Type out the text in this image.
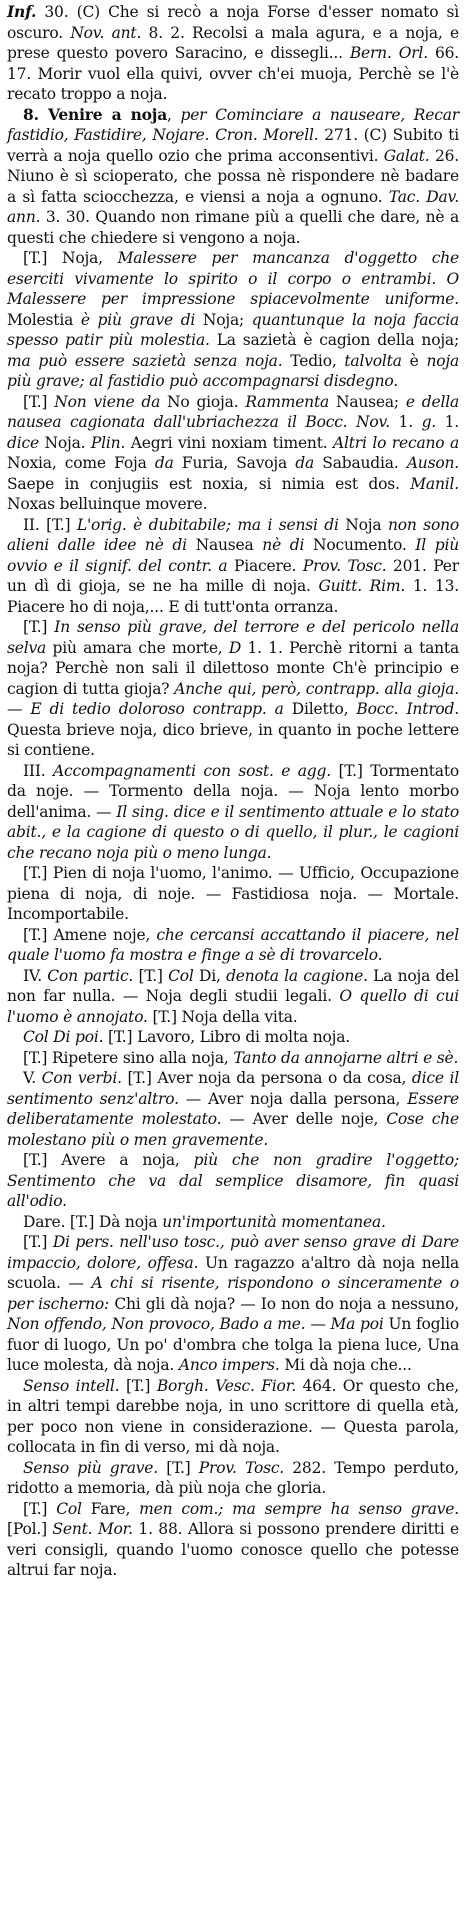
Inf. 30. (C) Che si recò a noja Forse d'esser nomato sì oscuro. Nov. ant. 8. 2. Recolsi a mala agura, e a noja, e prese questo povero Saracino, e dissegli... Bern. Orl. 66. 17. Morir vuol ella quivi, ovver ch'ei muoja, Perchè se l'è recato troppo a noja.

8. Venire a noja, per Cominciare a nauseare, Recar fastidio, Fastidire, Nojare. Cron. Morell. 271. (C) Subito ti verrà a noja quello ozio che prima acconsentivi. Galat. 26. Niuno è sì scioperato, che possa nè rispondere nè badare a sì fatta sciocchezza, e viensi a noja a ognuno. Tac. Dav. ann. 3. 30. Quando non rimane più a quelli che dare, nè a questi che chiedere si vengono a noja.

[T.] Noja, Malessere per mancanza d'oggetto che eserciti vivamente lo spirito o il corpo o entrambi. O Malessere per impressione spiacevolmente uniforme. Molestia è più grave di Noja; quantunque la noja faccia spesso patir più molestia. La sazietà è cagion della noja; ma può essere sazietà senza noja. Tedio, talvolta è noja più grave; al fastidio può accompagnarsi disdegno.

[T.] Non viene da No gioja. Rammenta Nausea; e della nausea cagionata dall'ubriachezza il Bocc. Nov. 1. g. 1. dice Noja. Plin. Aegri vini noxiam timent. Altri lo recano a Noxia, come Foja da Furia, Savoja da Sabaudia. Auson. Saepe in conjugiis est noxia, si nimia est dos. Manil. Noxas belluinque movere.

II. [T.] L'orig. è dubitabile; ma i sensi di Noja non sono alieni dalle idee nè di Nausea nè di Nocumento. Il più ovvio e il signif. del contr. a Piacere. Prov. Tosc. 201. Per un dì di gioja, se ne ha mille di noja. Guitt. Rim. 1. 13. Piacere ho di noja,... E di tutt'onta orranza.

[T.] In senso più grave, del terrore e del pericolo nella selva più amara che morte, D 1. 1. Perchè ritorni a tanta noja? Perchè non sali il dilettoso monte Ch'è principio e cagion di tutta gioja? Anche qui, però, contrapp. alla gioja. — E di tedio doloroso contrapp. a Diletto, Bocc. Introd. Questa brieve noja, dico brieve, in quanto in poche lettere si contiene.

III. Accompagnamenti con sost. e agg. [T.] Tormentato da noje. — Tormento della noja. — Noja lento morbo dell'anima. — Il sing. dice e il sentimento attuale e lo stato abit., e la cagione di questo o di quello, il plur., le cagioni che recano noja più o meno lunga.

[T.] Pien di noja l'uomo, l'animo. — Ufficio, Occupazione piena di noja, di noje. — Fastidiosa noja. — Mortale. Incomportabile.

[T.] Amene noje, che cercansi accattando il piacere, nel quale l'uomo fa mostra e finge a sè di trovarcelo.

IV. Con partic. [T.] Col Di, denota la cagione. La noja del non far nulla. — Noja degli studii legali. O quello di cui l'uomo è annojato. [T.] Noja della vita.

Col Di poi. [T.] Lavoro, Libro di molta noja.

[T.] Ripetere sino alla noja, Tanto da annojarne altri e sè.

V. Con verbi. [T.] Aver noja da persona o da cosa, dice il sentimento senz'altro. — Aver noja dalla persona, Essere deliberatamente molestato. — Aver delle noje, Cose che molestano più o men gravemente.

[T.] Avere a noja, più che non gradire l'oggetto; Sentimento che va dal semplice disamore, fin quasi all'odio.

Dare. [T.] Dà noja un'importunità momentanea.

[T.] Di pers. nell'uso tosc., può aver senso grave di Dare impaccio, dolore, offesa. Un ragazzo a'altro dà noja nella scuola. — A chi si risente, rispondono o sinceramente o per ischerno: Chi gli dà noja? — Io non do noja a nessuno, Non offendo, Non provoco, Bado a me. — Ma poi Un foglio fuor di luogo, Un po' d'ombra che tolga la piena luce, Una luce molesta, dà noja. Anco impers. Mi dà noja che...

Senso intell. [T.] Borgh. Vesc. Fior. 464. Or questo che, in altri tempi darebbe noja, in uno scrittore di quella età, per poco non viene in considerazione. — Questa parola, collocata in fin di verso, mi dà noja.

Senso più grave. [T.] Prov. Tosc. 282. Tempo perduto, ridotto a memoria, dà più noja che gloria.

[T.] Col Fare, men com.; ma sempre ha senso grave. [Pol.] Sent. Mor. 1. 88. Allora si possono prendere diritti e veri consigli, quando l'uomo conosce quello che potesse altrui far noja.
